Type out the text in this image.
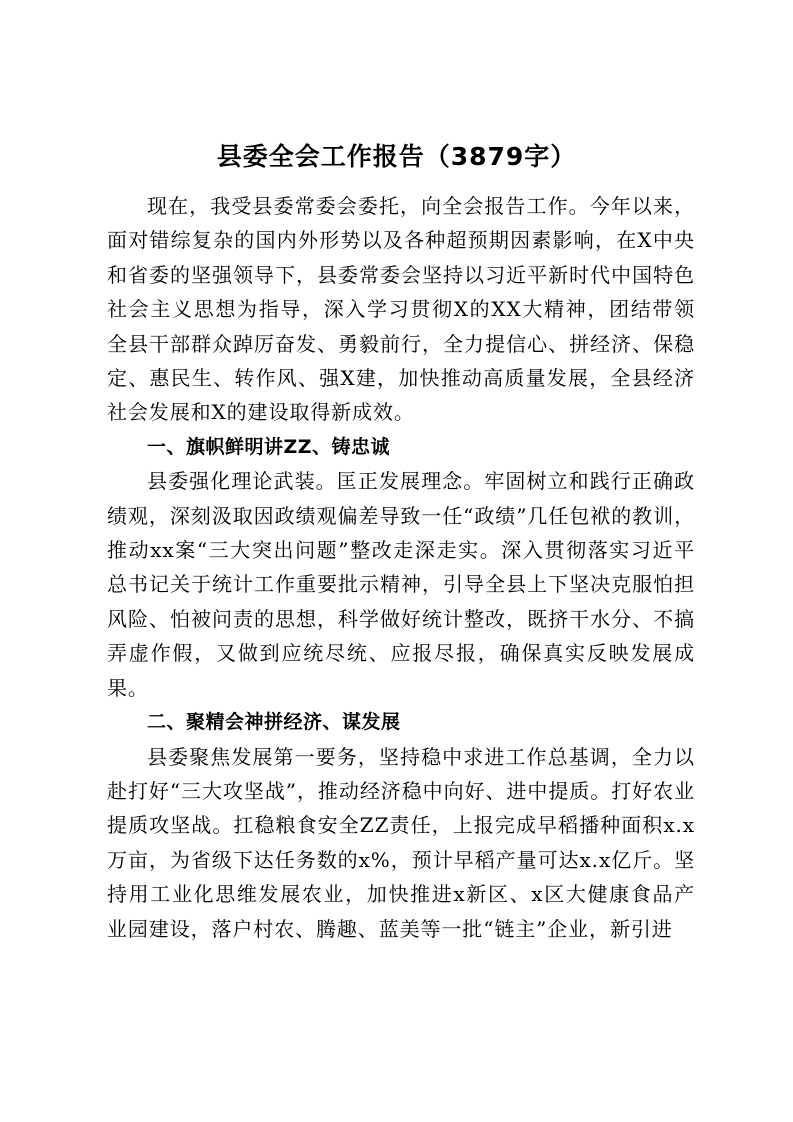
县委全会工作报告（3879字）

现在，我受县委常委会委托，向全会报告工作。今年以来，面对错综复杂的国内外形势以及各种超预期因素影响，在X中央和省委的坚强领导下，县委常委会坚持以习近平新时代中国特色社会主义思想为指导，深入学习贯彻X的XX大精神，团结带领全县干部群众踔厉奋发、勇毅前行，全力提信心、拼经济、保稳定、惠民生、转作风、强X建，加快推动高质量发展，全县经济社会发展和X的建设取得新成效。

一、旗帜鲜明讲ZZ、铸忠诚

县委强化理论武装。匡正发展理念。牢固树立和践行正确政绩观，深刻汲取因政绩观偏差导致一任“政绩”几任包袱的教训，推动xx案“三大突出问题”整改走深走实。深入贯彻落实习近平总书记关于统计工作重要批示精神，引导全县上下坚决克服怕担风险、怕被问责的思想，科学做好统计整改，既挤干水分、不搞弄虚作假，又做到应统尽统、应报尽报，确保真实反映发展成果。

二、聚精会神拼经济、谋发展

县委聚焦发展第一要务，坚持稳中求进工作总基调，全力以赴打好“三大攻坚战”，推动经济稳中向好、进中提质。打好农业提质攻坚战。扛稳粮食安全ZZ责任，上报完成早稻播种面积x.x万亩，为省级下达任务数的x%，预计早稻产量可达x.x亿斤。坚持用工业化思维发展农业，加快推进x新区、x区大健康食品产业园建设，落户村农、腾趣、蓝美等一批“链主”企业，新引进
